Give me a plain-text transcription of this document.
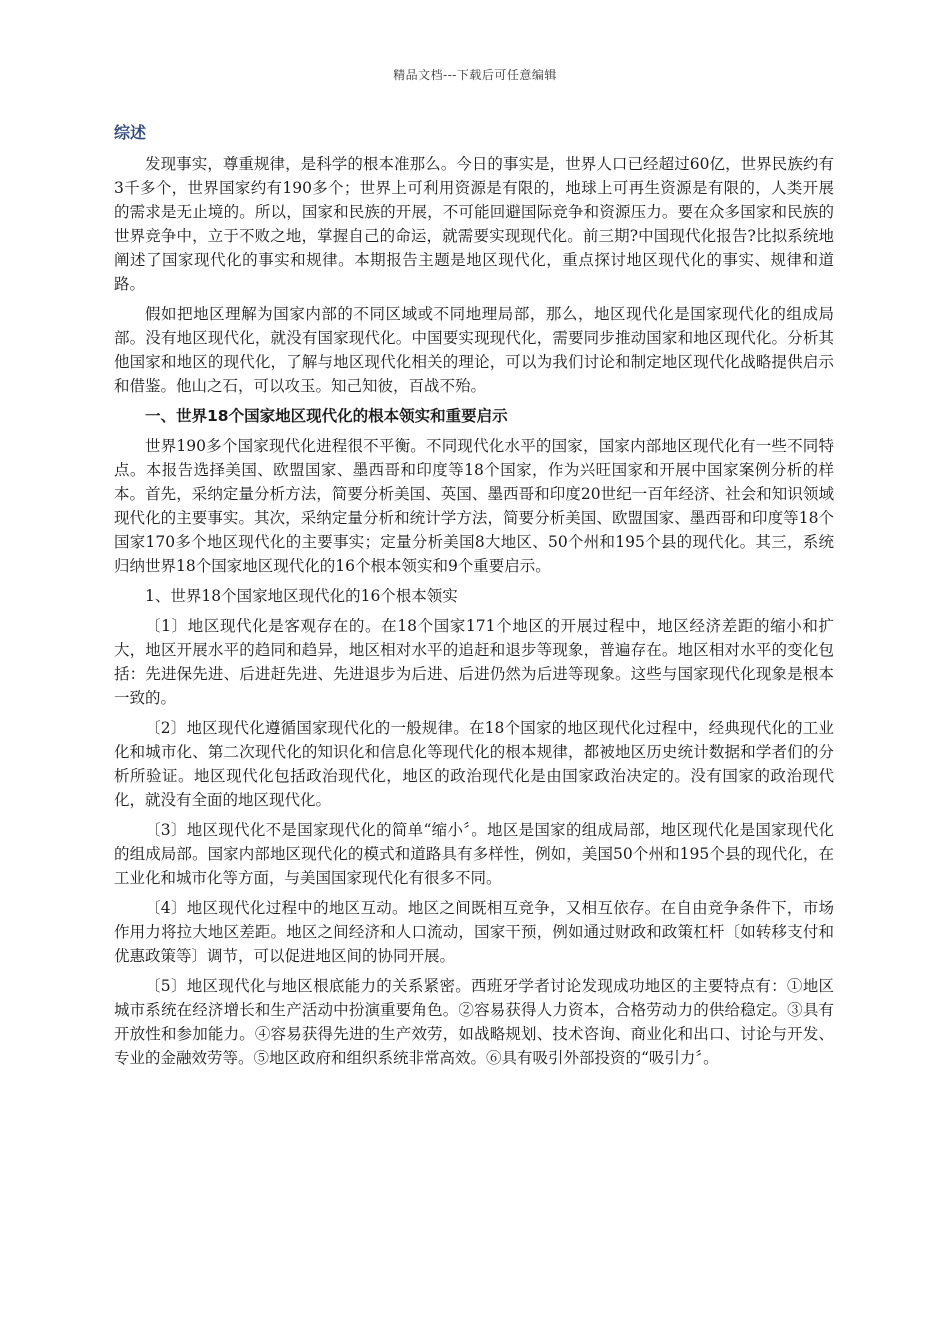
精品文档---下载后可任意编辑
综述

发现事实，尊重规律，是科学的根本准那么。今日的事实是，世界人口已经超过60亿，世界民族约有3千多个，世界国家约有190多个；世界上可利用资源是有限的，地球上可再生资源是有限的，人类开展的需求是无止境的。所以，国家和民族的开展，不可能回避国际竞争和资源压力。要在众多国家和民族的世界竞争中，立于不败之地，掌握自己的命运，就需要实现现代化。前三期?中国现代化报告?比拟系统地阐述了国家现代化的事实和规律。本期报告主题是地区现代化，重点探讨地区现代化的事实、规律和道路。

假如把地区理解为国家内部的不同区域或不同地理局部，那么，地区现代化是国家现代化的组成局部。没有地区现代化，就没有国家现代化。中国要实现现代化，需要同步推动国家和地区现代化。分析其他国家和地区的现代化，了解与地区现代化相关的理论，可以为我们讨论和制定地区现代化战略提供启示和借鉴。他山之石，可以攻玉。知己知彼，百战不殆。

一、世界18个国家地区现代化的根本领实和重要启示

世界190多个国家现代化进程很不平衡。不同现代化水平的国家，国家内部地区现代化有一些不同特点。本报告选择美国、欧盟国家、墨西哥和印度等18个国家，作为兴旺国家和开展中国家案例分析的样本。首先，采纳定量分析方法，简要分析美国、英国、墨西哥和印度20世纪一百年经济、社会和知识领域现代化的主要事实。其次，采纳定量分析和统计学方法，简要分析美国、欧盟国家、墨西哥和印度等18个国家170多个地区现代化的主要事实；定量分析美国8大地区、50个州和195个县的现代化。其三，系统归纳世界18个国家地区现代化的16个根本领实和9个重要启示。

1、世界18个国家地区现代化的16个根本领实

〔1〕地区现代化是客观存在的。在18个国家171个地区的开展过程中，地区经济差距的缩小和扩大，地区开展水平的趋同和趋异，地区相对水平的追赶和退步等现象，普遍存在。地区相对水平的变化包括：先进保先进、后进赶先进、先进退步为后进、后进仍然为后进等现象。这些与国家现代化现象是根本一致的。

〔2〕地区现代化遵循国家现代化的一般规律。在18个国家的地区现代化过程中，经典现代化的工业化和城市化、第二次现代化的知识化和信息化等现代化的根本规律，都被地区历史统计数据和学者们的分析所验证。地区现代化包括政治现代化，地区的政治现代化是由国家政治决定的。没有国家的政治现代化，就没有全面的地区现代化。

〔3〕地区现代化不是国家现代化的简单“缩小〞。地区是国家的组成局部，地区现代化是国家现代化的组成局部。国家内部地区现代化的模式和道路具有多样性，例如，美国50个州和195个县的现代化，在工业化和城市化等方面，与美国国家现代化有很多不同。

〔4〕地区现代化过程中的地区互动。地区之间既相互竞争，又相互依存。在自由竞争条件下，市场作用力将拉大地区差距。地区之间经济和人口流动，国家干预，例如通过财政和政策杠杆〔如转移支付和优惠政策等〕调节，可以促进地区间的协同开展。

〔5〕地区现代化与地区根底能力的关系紧密。西班牙学者讨论发现成功地区的主要特点有：①地区城市系统在经济增长和生产活动中扮演重要角色。②容易获得人力资本，合格劳动力的供给稳定。③具有开放性和参加能力。④容易获得先进的生产效劳，如战略规划、技术咨询、商业化和出口、讨论与开发、专业的金融效劳等。⑤地区政府和组织系统非常高效。⑥具有吸引外部投资的“吸引力〞。
